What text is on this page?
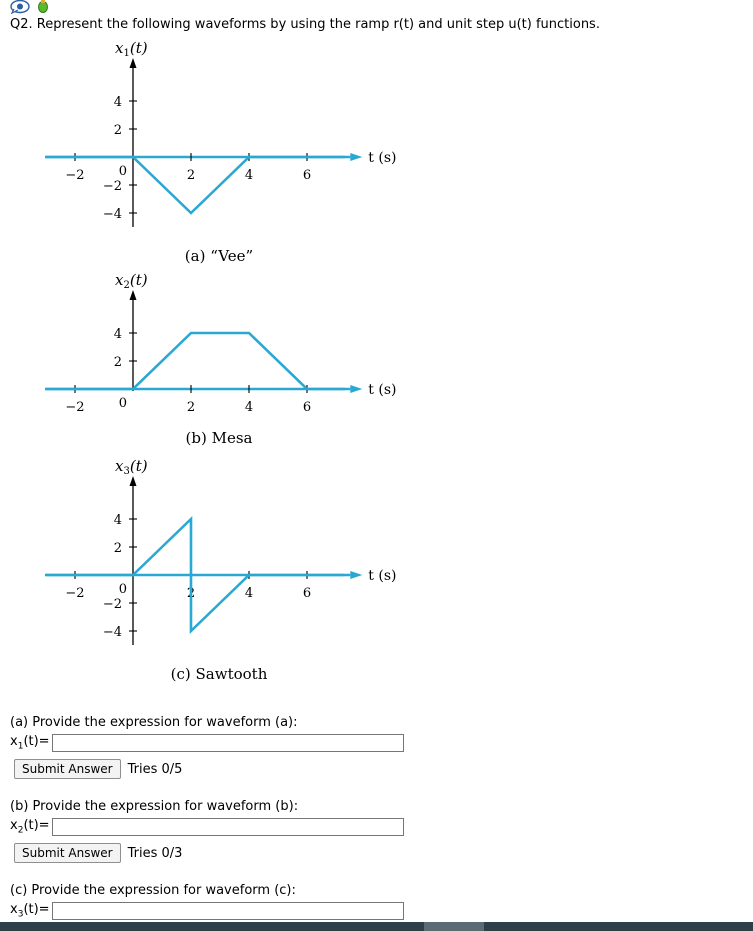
Q2. Represent the following waveforms by using the ramp r(t) and unit step u(t) functions.
$x_1(t)$
4
2
−2
−4
t (s)
−2	2	4	6
0
(a) “Vee”
$x_2(t)$
4
2
t (s)
−2	2	4	6
0
(b) Mesa
$x_3(t)$
4
2
−2
−4
t (s)
−2	2	4	6
0
(c) Sawtooth
(a) Provide the expression for waveform (a):
$x_1(t)=$
Submit Answer	Tries 0/5
(b) Provide the expression for waveform (b):
$x_2(t)=$
Submit Answer	Tries 0/3
(c) Provide the expression for waveform (c):
$x_3(t)=$
